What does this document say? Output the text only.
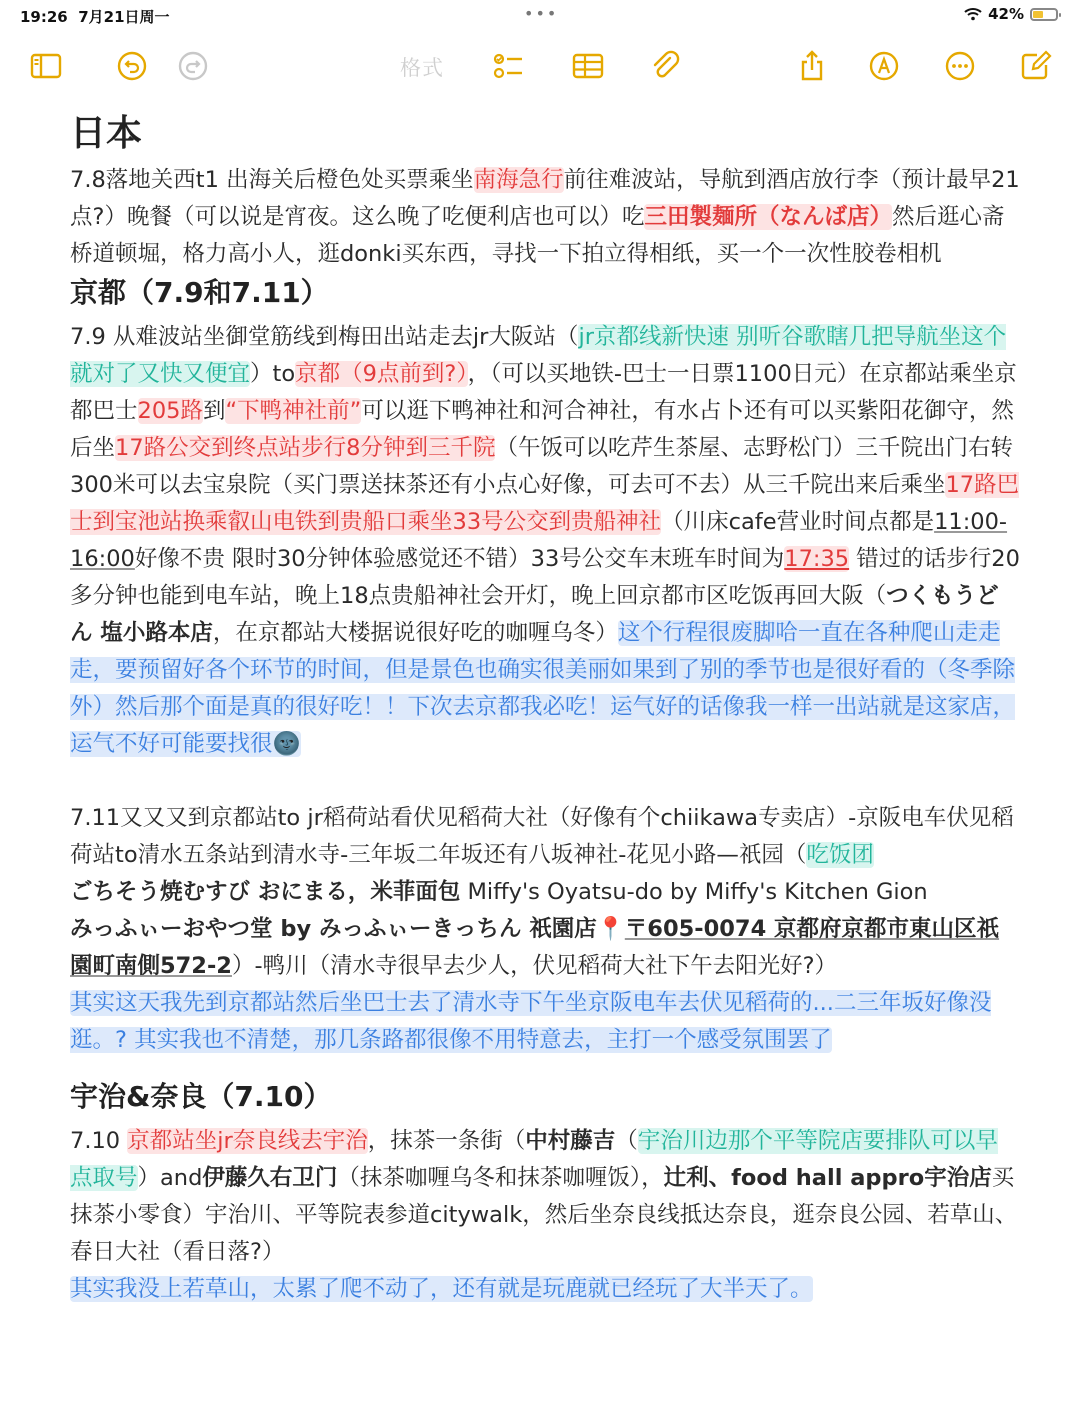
19:26 7月21日周一	•••	42%
格式
日本

7.8落地关西t1 出海关后橙色处买票乘坐南海急行前往难波站，导航到酒店放行李（预计最早21点?）晚餐（可以说是宵夜。这么晚了吃便利店也可以）吃三田製麺所（なんば店）然后逛心斋桥道顿堀，格力高小人，逛donki买东西，寻找一下拍立得相纸，买一个一次性胶卷相机

京都（7.9和7.11）

7.9 从难波站坐御堂筋线到梅田出站走去jr大阪站（jr京都线新快速 别听谷歌瞎几把导航坐这个就对了又快又便宜）to京都（9点前到?），（可以买地铁-巴士一日票1100日元）在京都站乘坐京都巴士205路到“下鸭神社前”可以逛下鸭神社和河合神社，有水占卜还有可以买紫阳花御守，然后坐17路公交到终点站步行8分钟到三千院（午饭可以吃芹生茶屋、志野松门）三千院出门右转300米可以去宝泉院（买门票送抹茶还有小点心好像，可去可不去）从三千院出来后乘坐17路巴士到宝池站换乘叡山电铁到贵船口乘坐33号公交到贵船神社（川床cafe营业时间点都是11:00-16:00好像不贵 限时30分钟体验感觉还不错）33号公交车末班车时间为17:35 错过的话步行20多分钟也能到电车站，晚上18点贵船神社会开灯，晚上回京都市区吃饭再回大阪（つくもうどん 塩小路本店，在京都站大楼据说很好吃的咖喱乌冬）这个行程很废脚哈一直在各种爬山走走走，要预留好各个环节的时间，但是景色也确实很美丽如果到了别的季节也是很好看的（冬季除外）然后那个面是真的很好吃！！下次去京都我必吃！运气好的话像我一样一出站就是这家店，运气不好可能要找很🌚

7.11又又又到京都站to jr稻荷站看伏见稻荷大社（好像有个chiikawa专卖店）-京阪电车伏见稻荷站to清水五条站到清水寺-三年坂二年坂还有八坂神社-花见小路—祇园（吃饭团
ごちそう焼むすび おにまる，米菲面包 Miffy's Oyatsu-do by Miffy's Kitchen Gion
みっふぃーおやつ堂 by みっふぃーきっちん 祇園店📍〒605-0074 京都府京都市東山区祇園町南側572-2）-鸭川（清水寺很早去少人，伏见稻荷大社下午去阳光好?）
其实这天我先到京都站然后坐巴士去了清水寺下午坐京阪电车去伏见稻荷的...二三年坂好像没逛。? 其实我也不清楚，那几条路都很像不用特意去，主打一个感受氛围罢了

宇治&奈良（7.10）

7.10 京都站坐jr奈良线去宇治，抹茶一条街（中村藤吉（宇治川边那个平等院店要排队可以早点取号）and伊藤久右卫门（抹茶咖喱乌冬和抹茶咖喱饭），辻利、food hall appro宇治店买抹茶小零食）宇治川、平等院表参道citywalk，然后坐奈良线抵达奈良，逛奈良公园、若草山、春日大社（看日落?）
其实我没上若草山，太累了爬不动了，还有就是玩鹿就已经玩了大半天了。
